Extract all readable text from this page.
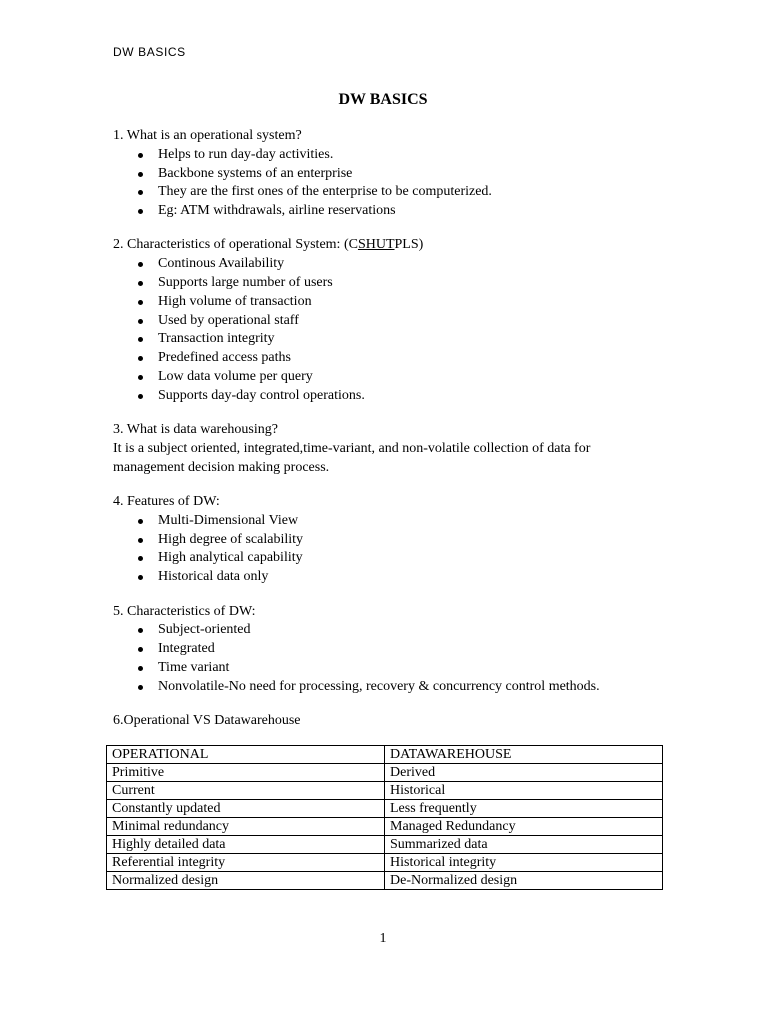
DW BASICS
DW BASICS

1. What is an operational system?

Helps to run day-day activities.
Backbone systems of an enterprise
They are the first ones of the enterprise to be computerized.
Eg: ATM withdrawals, airline reservations

2. Characteristics of operational System: (CSHUTPLS)

Continous Availability
Supports large number of users
High volume of transaction
Used by operational staff
Transaction integrity
Predefined access paths
Low data volume per query
Supports day-day control operations.

3. What is data warehousing?

It is a subject oriented, integrated,time-variant, and non-volatile collection of data for

management decision making process.

4. Features of DW:

Multi-Dimensional View
High degree of scalability
High analytical capability
Historical data only

5. Characteristics of DW:

Subject-oriented
Integrated
Time variant
Nonvolatile-No need for processing, recovery & concurrency control methods.

6.Operational VS Datawarehouse

OPERATIONAL	DATAWAREHOUSE
Primitive	Derived
Current	Historical
Constantly updated	Less frequently
Minimal redundancy	Managed Redundancy
Highly detailed data	Summarized data
Referential integrity	Historical integrity
Normalized design	De-Normalized design
1
